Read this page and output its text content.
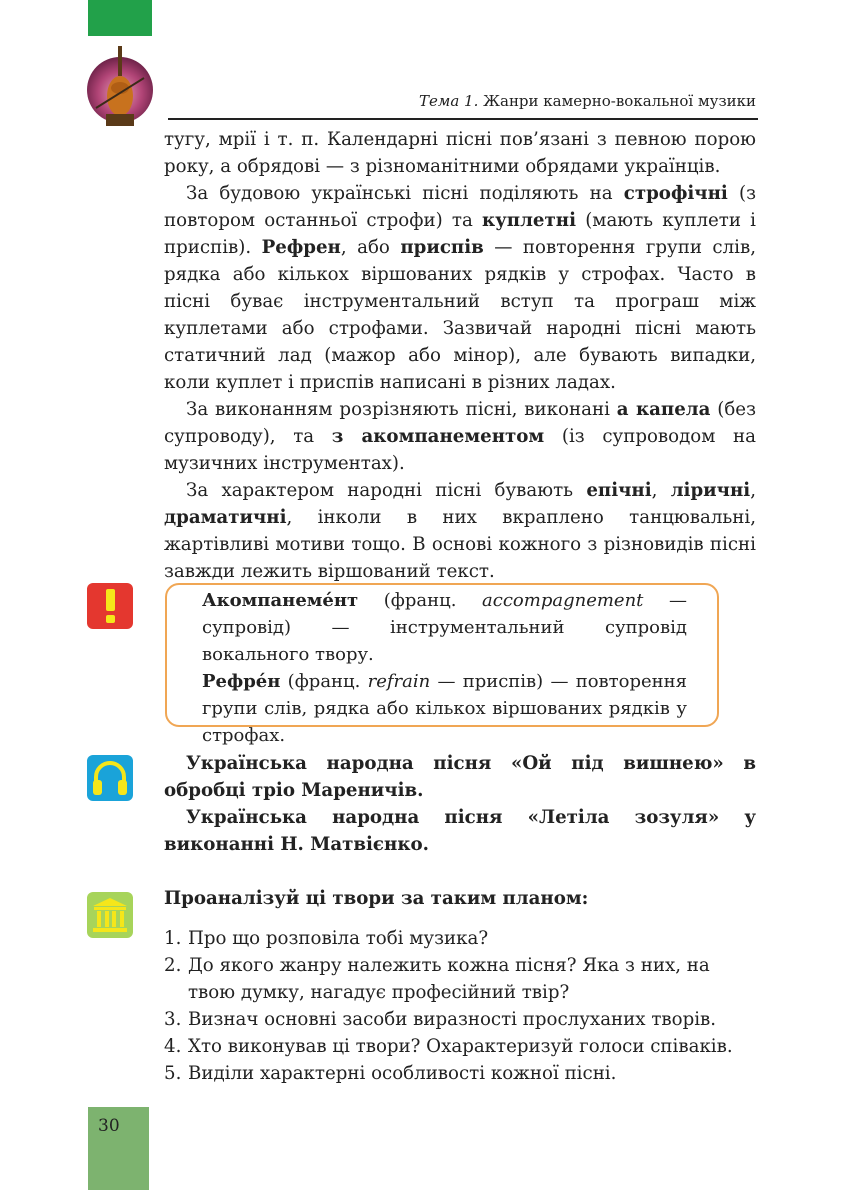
Тема 1. Жанри камерно-вокальної музики

тугу, мрії і т. п. Календарні пісні пов’язані з певною порою року, а обрядові — з різноманітними обрядами українців.

За будовою українські пісні поділяють на строфічні (з повтором останньої строфи) та куплетні (мають куплети і приспів). Рефрен, або приспів — повторення групи слів, рядка або кількох віршованих рядків у строфах. Часто в пісні буває інструментальний вступ та програш між куплетами або строфами. Зазвичай народні пісні мають статичний лад (мажор або мінор), але бувають випадки, коли куплет і приспів написані в різних ладах.

За виконанням розрізняють пісні, виконані а капела (без супроводу), та з акомпанементом (із супроводом на музичних інструментах).

За характером народні пісні бувають епічні, ліричні, драматичні, інколи в них вкраплено танцювальні, жартівливі мотиви тощо. В основі кожного з різновидів пісні завжди лежить віршований текст.

Акомпанеме́нт (франц. accompagnement — супровід) — інструментальний супровід вокального твору.

Рефре́н (франц. refrain — приспів) — повторення групи слів, рядка або кількох віршованих рядків у строфах.

Українська народна пісня «Ой під вишнею» в обробці тріо Мареничів.

Українська народна пісня «Летіла зозуля» у виконанні Н. Матвієнко.

Проаналізуй ці твори за таким планом:
1. Про що розповіла тобі музика?
2. До якого жанру належить кожна пісня? Яка з них, на твою думку, нагадує професійний твір?
3. Визнач основні засоби виразності прослуханих творів.
4. Хто виконував ці твори? Охарактеризуй голоси співаків.
5. Виділи характерні особливості кожної пісні.
30
